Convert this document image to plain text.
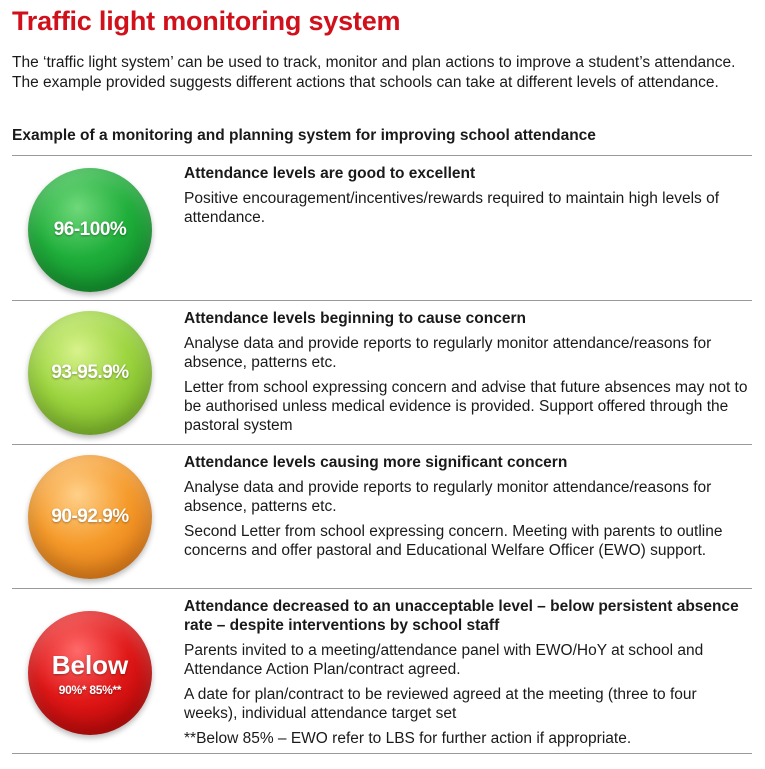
Traffic light monitoring system

The ‘traffic light system’ can be used to track, monitor and plan actions to improve a student’s attendance. The example provided suggests different actions that schools can take at different levels of attendance.

Example of a monitoring and planning system for improving school attendance

96-100%

Attendance levels are good to excellent

Positive encouragement/incentives/rewards required to maintain high levels of attendance.

93-95.9%

Attendance levels beginning to cause concern

Analyse data and provide reports to regularly monitor attendance/reasons for absence, patterns etc.

Letter from school expressing concern and advise that future absences may not to be authorised unless medical evidence is provided. Support offered through the pastoral system

90-92.9%

Attendance levels causing more significant concern

Analyse data and provide reports to regularly monitor attendance/reasons for absence, patterns etc.

Second Letter from school expressing concern. Meeting with parents to outline concerns and offer pastoral and Educational Welfare Officer (EWO) support.

Below
90%* 85%**

Attendance decreased to an unacceptable level – below persistent absence rate – despite interventions by school staff

Parents invited to a meeting/attendance panel with EWO/HoY at school and Attendance Action Plan/contract agreed.

A date for plan/contract to be reviewed agreed at the meeting (three to four weeks), individual attendance target set

**Below 85% – EWO refer to LBS for further action if appropriate.
